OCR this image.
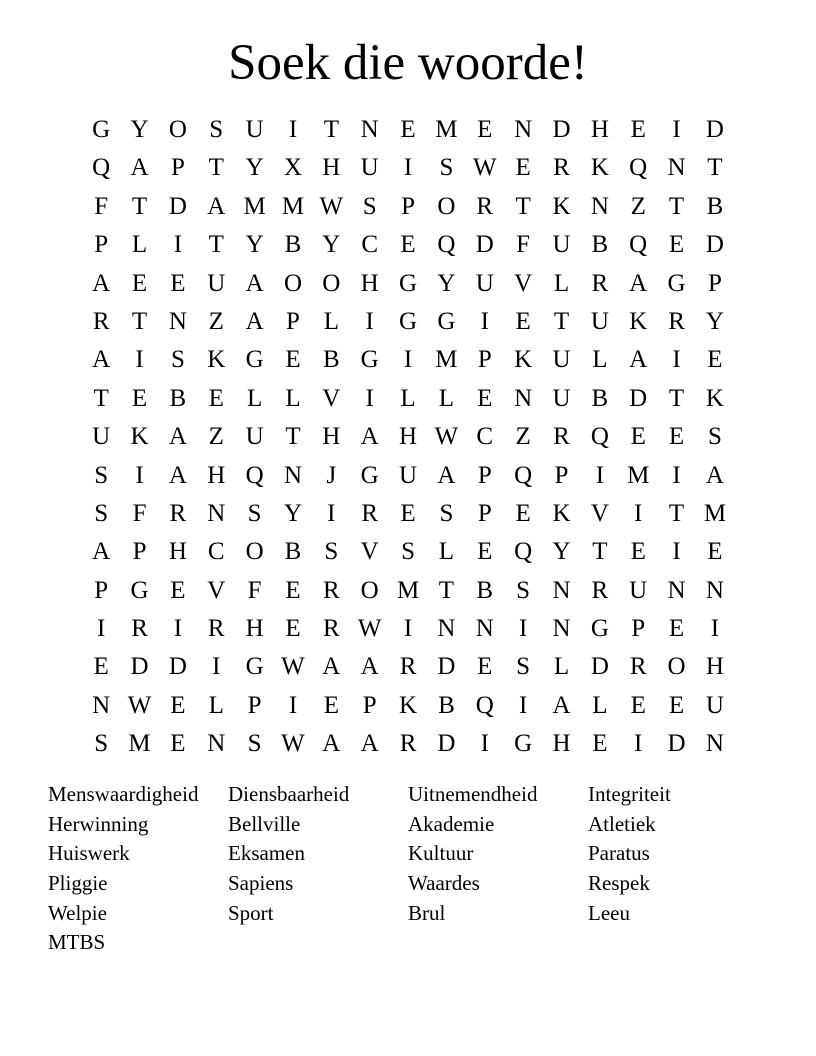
Soek die woorde!
G Y O S U	I	T N E M E N D H E	I	D
Q A P T Y X H U	I	S W E R K Q N T
F T D A M M W S P O R T K N Z T B
P L	I	T Y B Y C E Q D F U B Q E D
A E E U A O O H G Y U V L R A G P
R T N Z A P L	I	G G	I	E T U K R Y
A	I	S K G E B G	I M P K U L A	I	E
T E B E L L V	I	L L E N U B D T K
U K A Z U T H A H W C Z R Q E E S
S	I	A H Q N J G U A P Q P	I M I	A
S F R N S Y	I	R E S P E K V	I	T M
A P H C O B S V S L E Q Y T E	I	E
P G E V F E R O M T B S N R U N N
I	R	I	R H E R W I	N N	I	N G P E	I
E D D	I	G W A A R D E S L D R O H
N W E L P	I	E P K B Q	I	A L E E U
S M E N S W A A R D	I	G H E	I	D N
Menswaardigheid	Diensbaarheid	Uitnemendheid	Integriteit
Herwinning	Bellville	Akademie	Atletiek
Huiswerk	Eksamen	Kultuur	Paratus
Pliggie	Sapiens	Waardes	Respek
Welpie	Sport	Brul	Leeu
MTBS
